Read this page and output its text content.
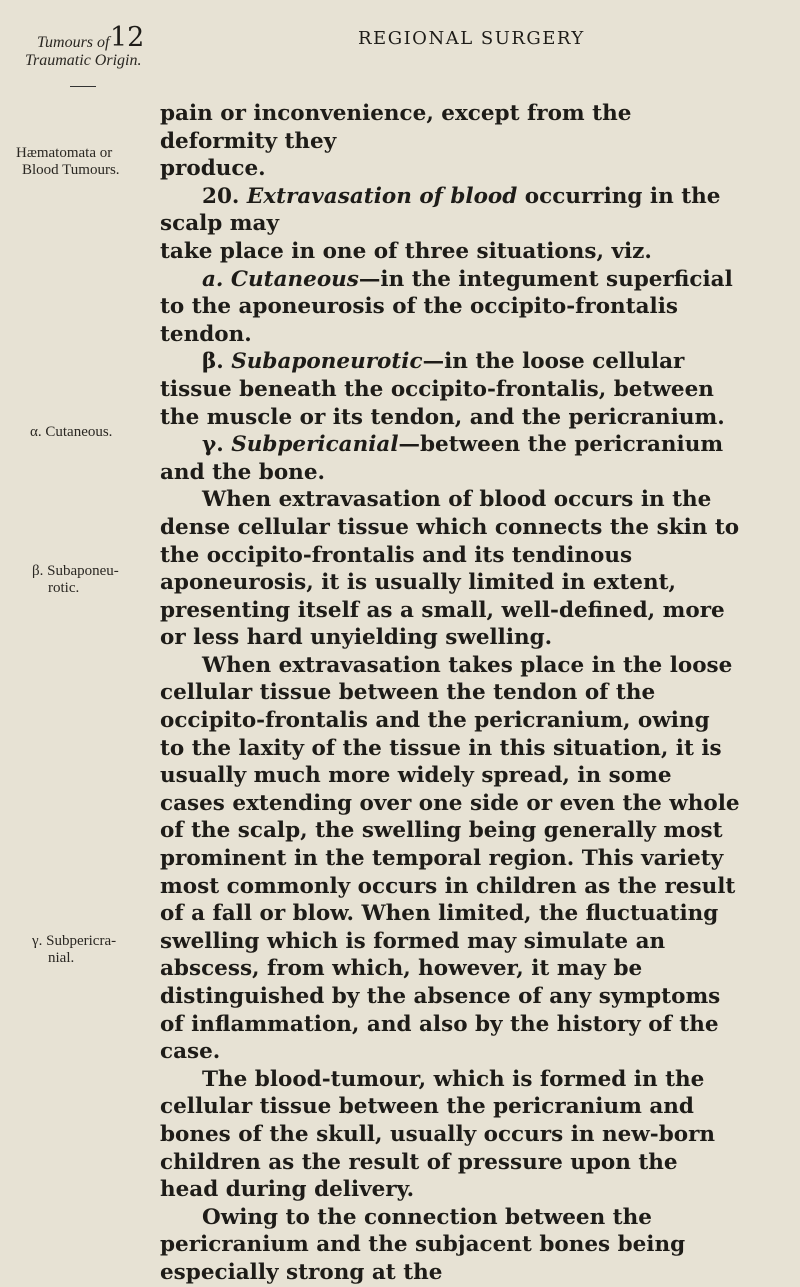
Tumours of
Traumatic Origin.
12	REGIONAL SURGERY
Hæmatomata or
Blood Tumours.
α. Cutaneous.
β. Subaponeu-
rotic.
γ. Subpericra-
nial.

pain or inconvenience, except from the deformity they
produce.

20. Extravasation of blood occurring in the scalp may
take place in one of three situations, viz.

a. Cutaneous—in the integument superficial to the aponeurosis of the occipito-frontalis tendon.

β. Subaponeurotic—in the loose cellular tissue beneath the occipito-frontalis, between the muscle or its tendon, and the pericranium.

γ. Subpericanial—between the pericranium and the bone.

When extravasation of blood occurs in the dense cellular tissue which connects the skin to the occipito-frontalis and its tendinous aponeurosis, it is usually limited in extent, presenting itself as a small, well-defined, more or less hard unyielding swelling.

When extravasation takes place in the loose cellular tissue between the tendon of the occipito-frontalis and the pericranium, owing to the laxity of the tissue in this situation, it is usually much more widely spread, in some cases extending over one side or even the whole of the scalp, the swelling being generally most prominent in the temporal region. This variety most commonly occurs in children as the result of a fall or blow. When limited, the fluctuating swelling which is formed may simulate an abscess, from which, however, it may be distinguished by the absence of any symptoms of inflammation, and also by the history of the case.

The blood-tumour, which is formed in the cellular tissue between the pericranium and bones of the skull, usually occurs in new-born children as the result of pressure upon the head during delivery.

Owing to the connection between the pericranium and the subjacent bones being especially strong at the
